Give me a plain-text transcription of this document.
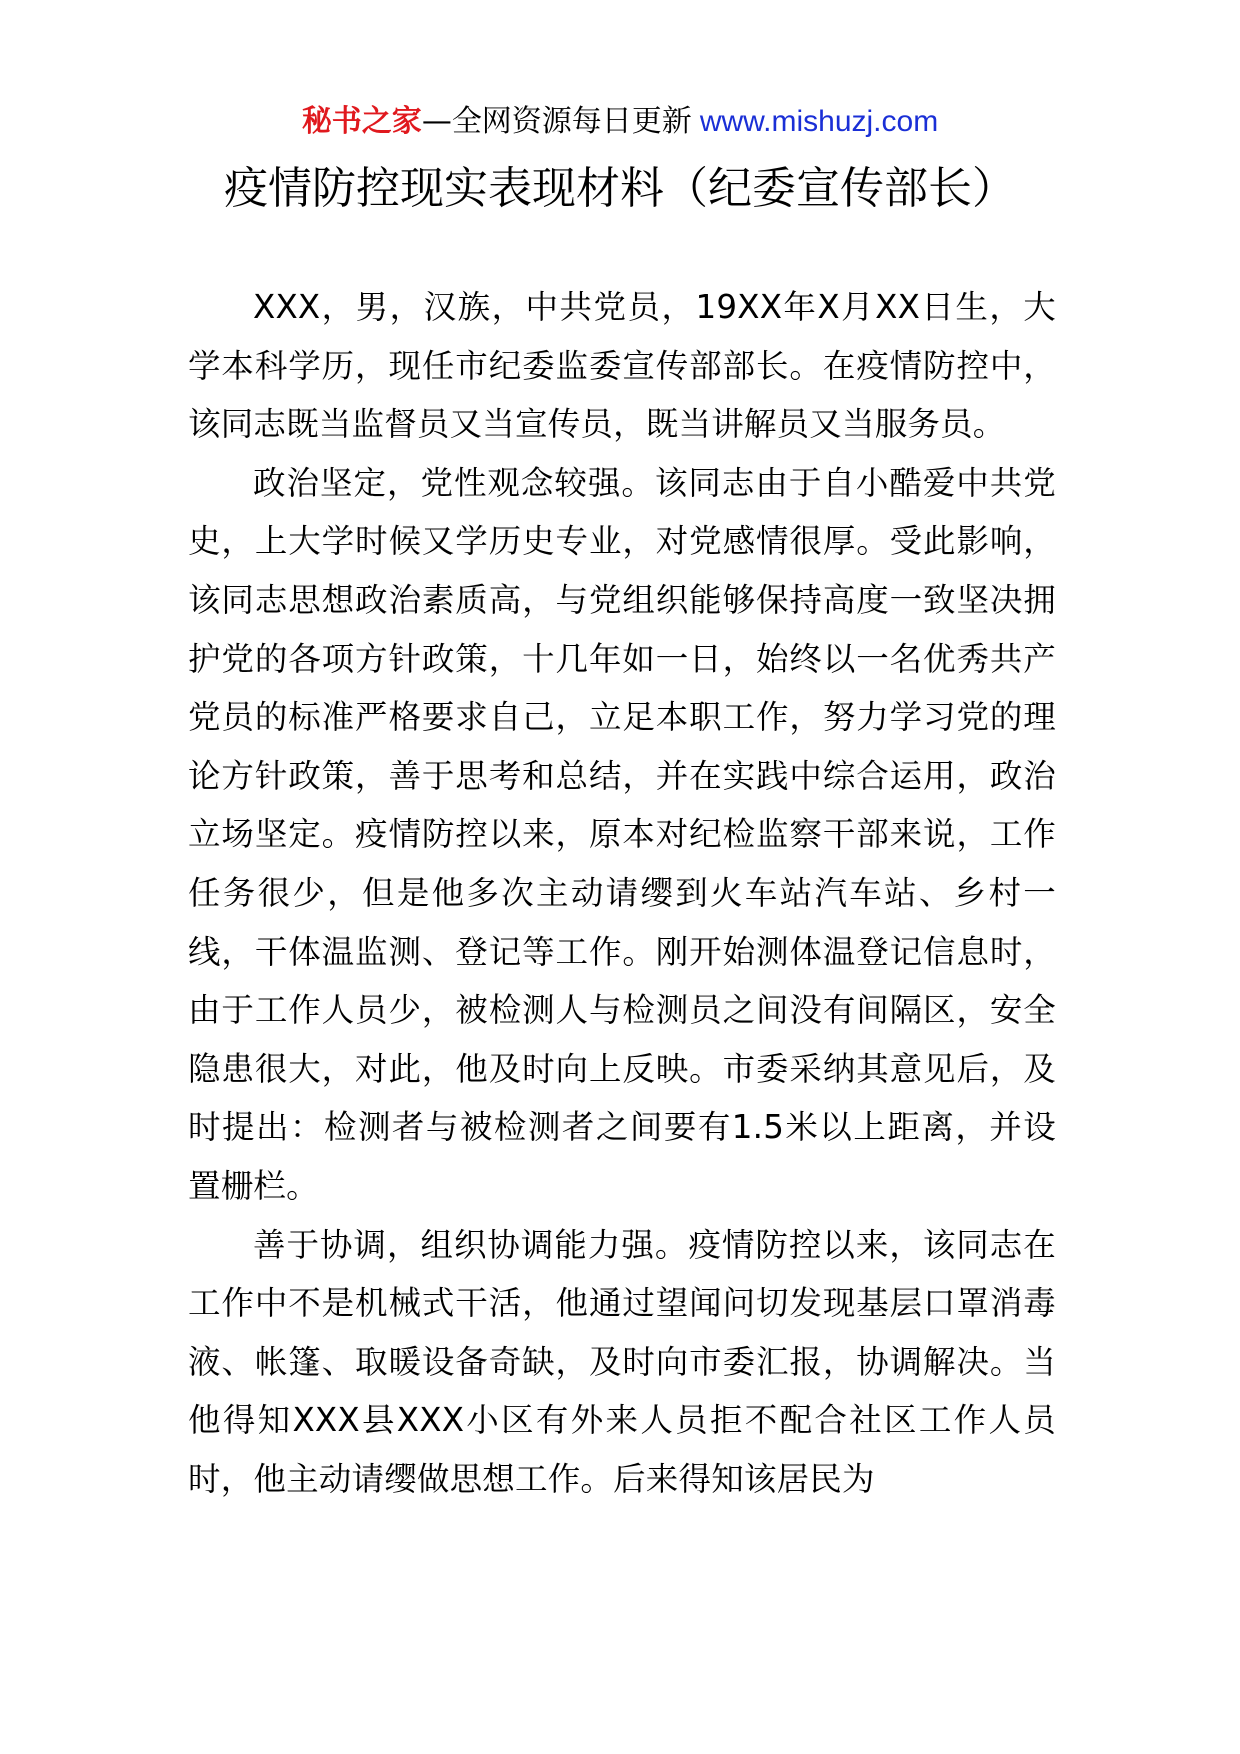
秘书之家—全网资源每日更新 www.mishuzj.com
疫情防控现实表现材料（纪委宣传部长）

XXX，男，汉族，中共党员，19XX年X月XX日生，大学本科学历，现任市纪委监委宣传部部长。在疫情防控中，该同志既当监督员又当宣传员，既当讲解员又当服务员。

政治坚定，党性观念较强。该同志由于自小酷爱中共党史，上大学时候又学历史专业，对党感情很厚。受此影响，该同志思想政治素质高，与党组织能够保持高度一致坚决拥护党的各项方针政策，十几年如一日，始终以一名优秀共产党员的标准严格要求自己，立足本职工作，努力学习党的理论方针政策，善于思考和总结，并在实践中综合运用，政治立场坚定。疫情防控以来，原本对纪检监察干部来说，工作任务很少，但是他多次主动请缨到火车站汽车站、乡村一线，干体温监测、登记等工作。刚开始测体温登记信息时，由于工作人员少，被检测人与检测员之间没有间隔区，安全隐患很大，对此，他及时向上反映。市委采纳其意见后，及时提出：检测者与被检测者之间要有1.5米以上距离，并设置栅栏。

善于协调，组织协调能力强。疫情防控以来，该同志在工作中不是机械式干活，他通过望闻问切发现基层口罩消毒液、帐篷、取暖设备奇缺，及时向市委汇报，协调解决。当他得知XXX县XXX小区有外来人员拒不配合社区工作人员时，他主动请缨做思想工作。后来得知该居民为
